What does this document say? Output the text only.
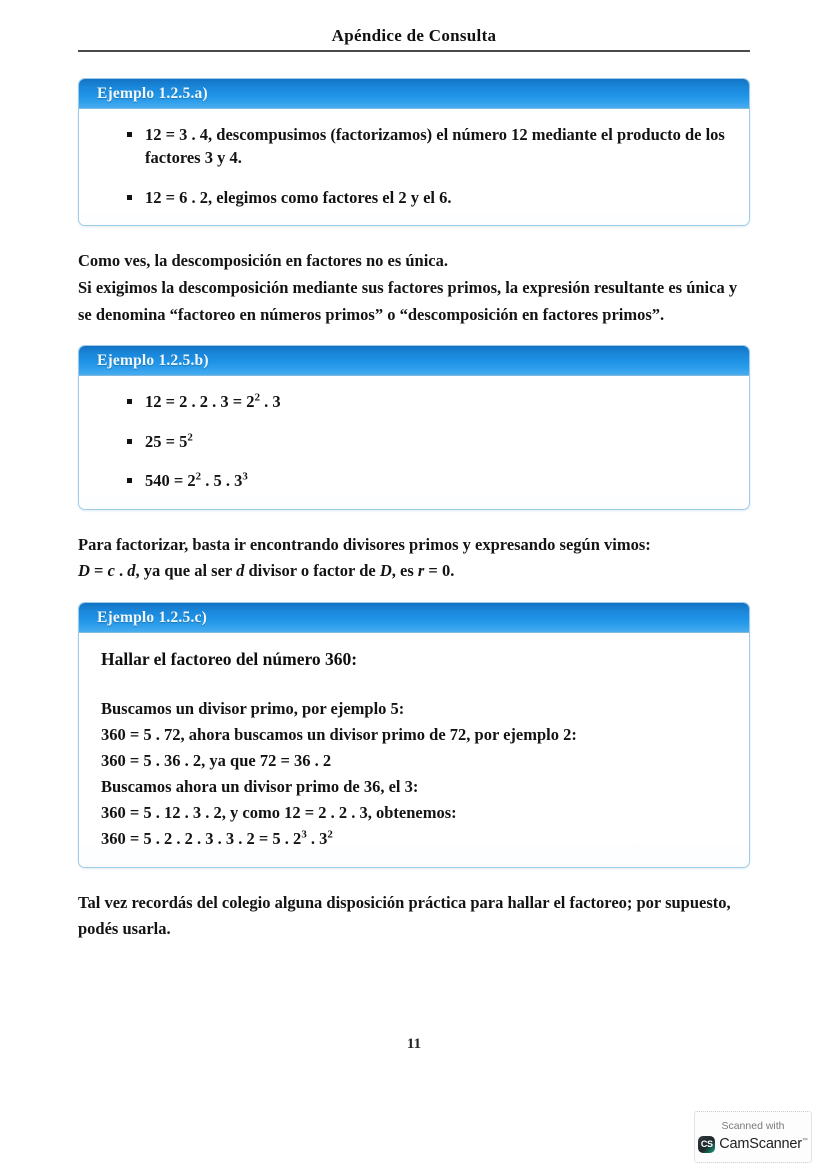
Apéndice de Consulta
Ejemplo 1.2.5.a)
12 = 3 . 4, descompusimos (factorizamos) el número 12 mediante el producto de los factores 3 y 4.
12 = 6 . 2, elegimos como factores el 2 y el 6.

Como ves, la descomposición en factores no es única.

Si exigimos la descomposición mediante sus factores primos, la expresión resultante es única y se denomina “factoreo en números primos” o “descomposición en factores primos”.

Ejemplo 1.2.5.b)
12 = 2 . 2 . $3 = 2^2$ . 3
$25 = 5^2$
$540 = 2^2$ . 5 . $3^3$

Para factorizar, basta ir encontrando divisores primos y expresando según vimos:

D = c . d, ya que al ser d divisor o factor de D, es r = 0.

Ejemplo 1.2.5.c)
Hallar el factoreo del número 360:
Buscamos un divisor primo, por ejemplo 5:
360 = 5 . 72, ahora buscamos un divisor primo de 72, por ejemplo 2:
360 = 5 . 36 . 2, ya que 72 = 36 . 2
Buscamos ahora un divisor primo de 36, el 3:
360 = 5 . 12 . 3 . 2, y como 12 = 2 . 2 . 3, obtenemos:
360 = 5 . 2 . 2 . 3 . 3 . 2 = 5 . $2^3$ . $3^2$

Tal vez recordás del colegio alguna disposición práctica para hallar el factoreo; por supuesto, podés usarla.

11
Scanned with
CS CamScanner™
